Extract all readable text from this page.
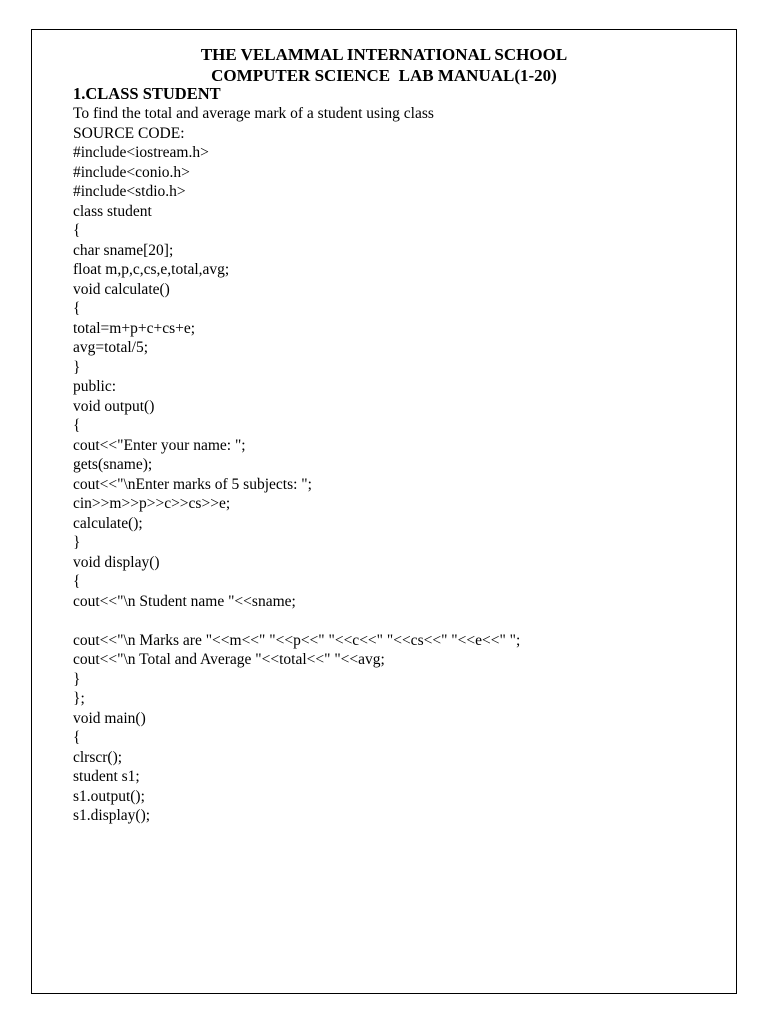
THE VELAMMAL INTERNATIONAL SCHOOL
COMPUTER SCIENCE  LAB MANUAL(1-20)
1.CLASS STUDENT
To find the total and average mark of a student using class
SOURCE CODE:
#include<iostream.h>
#include<conio.h>
#include<stdio.h>
class student
{
char sname[20];
float m,p,c,cs,e,total,avg;
void calculate()
{
total=m+p+c+cs+e;
avg=total/5;
}
public:
void output()
{
cout<<"Enter your name: ";
gets(sname);
cout<<"\nEnter marks of 5 subjects: ";
cin>>m>>p>>c>>cs>>e;
calculate();
}
void display()
{
cout<<"\n Student name "<<sname;
cout<<"\n Marks are "<<m<<" "<<p<<" "<<c<<" "<<cs<<" "<<e<<" ";
cout<<"\n Total and Average "<<total<<" "<<avg;
}
};
void main()
{
clrscr();
student s1;
s1.output();
s1.display();
